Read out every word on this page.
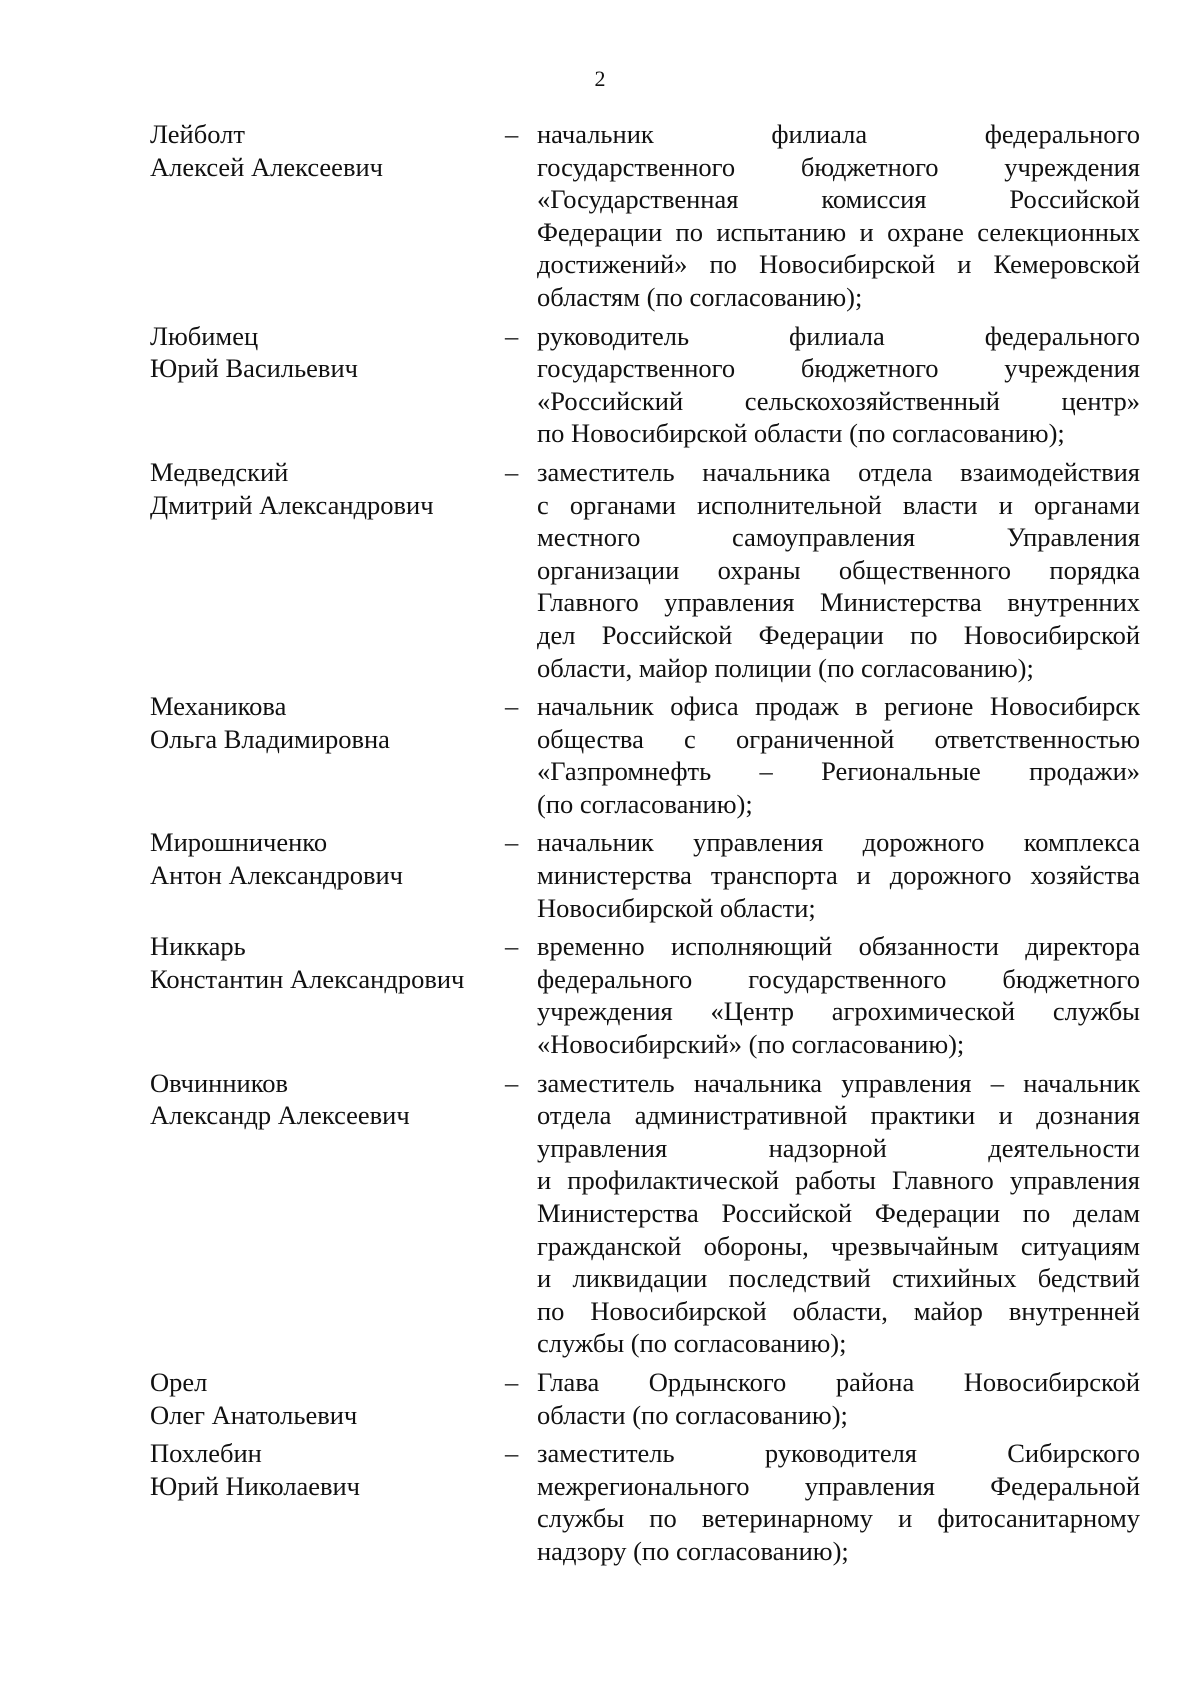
2
Лейболт
Алексей Алексеевич
– начальник филиала федерального
государственного бюджетного учреждения
«Государственная комиссия Российской
Федерации по испытанию и охране селекционных
достижений» по Новосибирской и Кемеровской
областям (по согласованию);
Любимец
Юрий Васильевич
– руководитель филиала федерального
государственного бюджетного учреждения
«Российский сельскохозяйственный центр»
по Новосибирской области (по согласованию);
Медведский
Дмитрий Александрович
– заместитель начальника отдела взаимодействия
с органами исполнительной власти и органами
местного самоуправления Управления
организации охраны общественного порядка
Главного управления Министерства внутренних
дел Российской Федерации по Новосибирской
области, майор полиции (по согласованию);
Механикова
Ольга Владимировна
– начальник офиса продаж в регионе Новосибирск
общества с ограниченной ответственностью
«Газпромнефть – Региональные продажи»
(по согласованию);
Мирошниченко
Антон Александрович
– начальник управления дорожного комплекса
министерства транспорта и дорожного хозяйства
Новосибирской области;
Никкарь
Константин Александрович
– временно исполняющий обязанности директора
федерального государственного бюджетного
учреждения «Центр агрохимической службы
«Новосибирский» (по согласованию);
Овчинников
Александр Алексеевич
– заместитель начальника управления – начальник
отдела административной практики и дознания
управления надзорной деятельности
и профилактической работы Главного управления
Министерства Российской Федерации по делам
гражданской обороны, чрезвычайным ситуациям
и ликвидации последствий стихийных бедствий
по Новосибирской области, майор внутренней
службы (по согласованию);
Орел
Олег Анатольевич
– Глава Ордынского района Новосибирской
области (по согласованию);
Похлебин
Юрий Николаевич
– заместитель руководителя Сибирского
межрегионального управления Федеральной
службы по ветеринарному и фитосанитарному
надзору (по согласованию);
